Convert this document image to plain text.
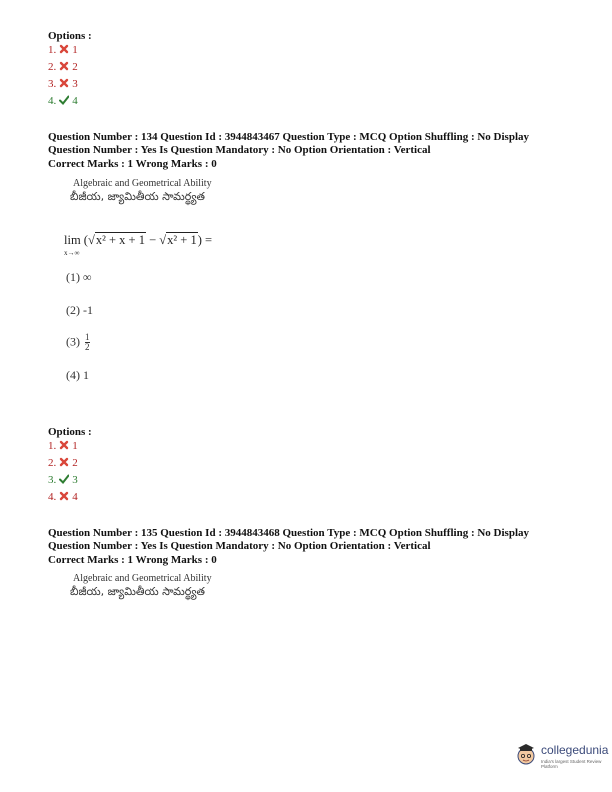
Options :
1. 1
2. 2
3. 3
4. 4
Question Number : 134 Question Id : 3944843467 Question Type : MCQ Option Shuffling : No Display
Question Number : Yes Is Question Mandatory : No Option Orientation : Vertical
Correct Marks : 1 Wrong Marks : 0
Algebraic and Geometrical Ability
బీజీయ, జ్యామితీయ సామర్థ్యత
lim (√x² + x + 1 − √x² + 1) =
x→∞
(1) ∞
(2) -1
$(3) \frac{1}{2}$
(4) 1
Options :
1. 1
2. 2
3. 3
4. 4
Question Number : 135 Question Id : 3944843468 Question Type : MCQ Option Shuffling : No Display
Question Number : Yes Is Question Mandatory : No Option Orientation : Vertical
Correct Marks : 1 Wrong Marks : 0
Algebraic and Geometrical Ability
బీజీయ, జ్యామితీయ సామర్థ్యత
collegedunia
India's largest Student Review Platform
